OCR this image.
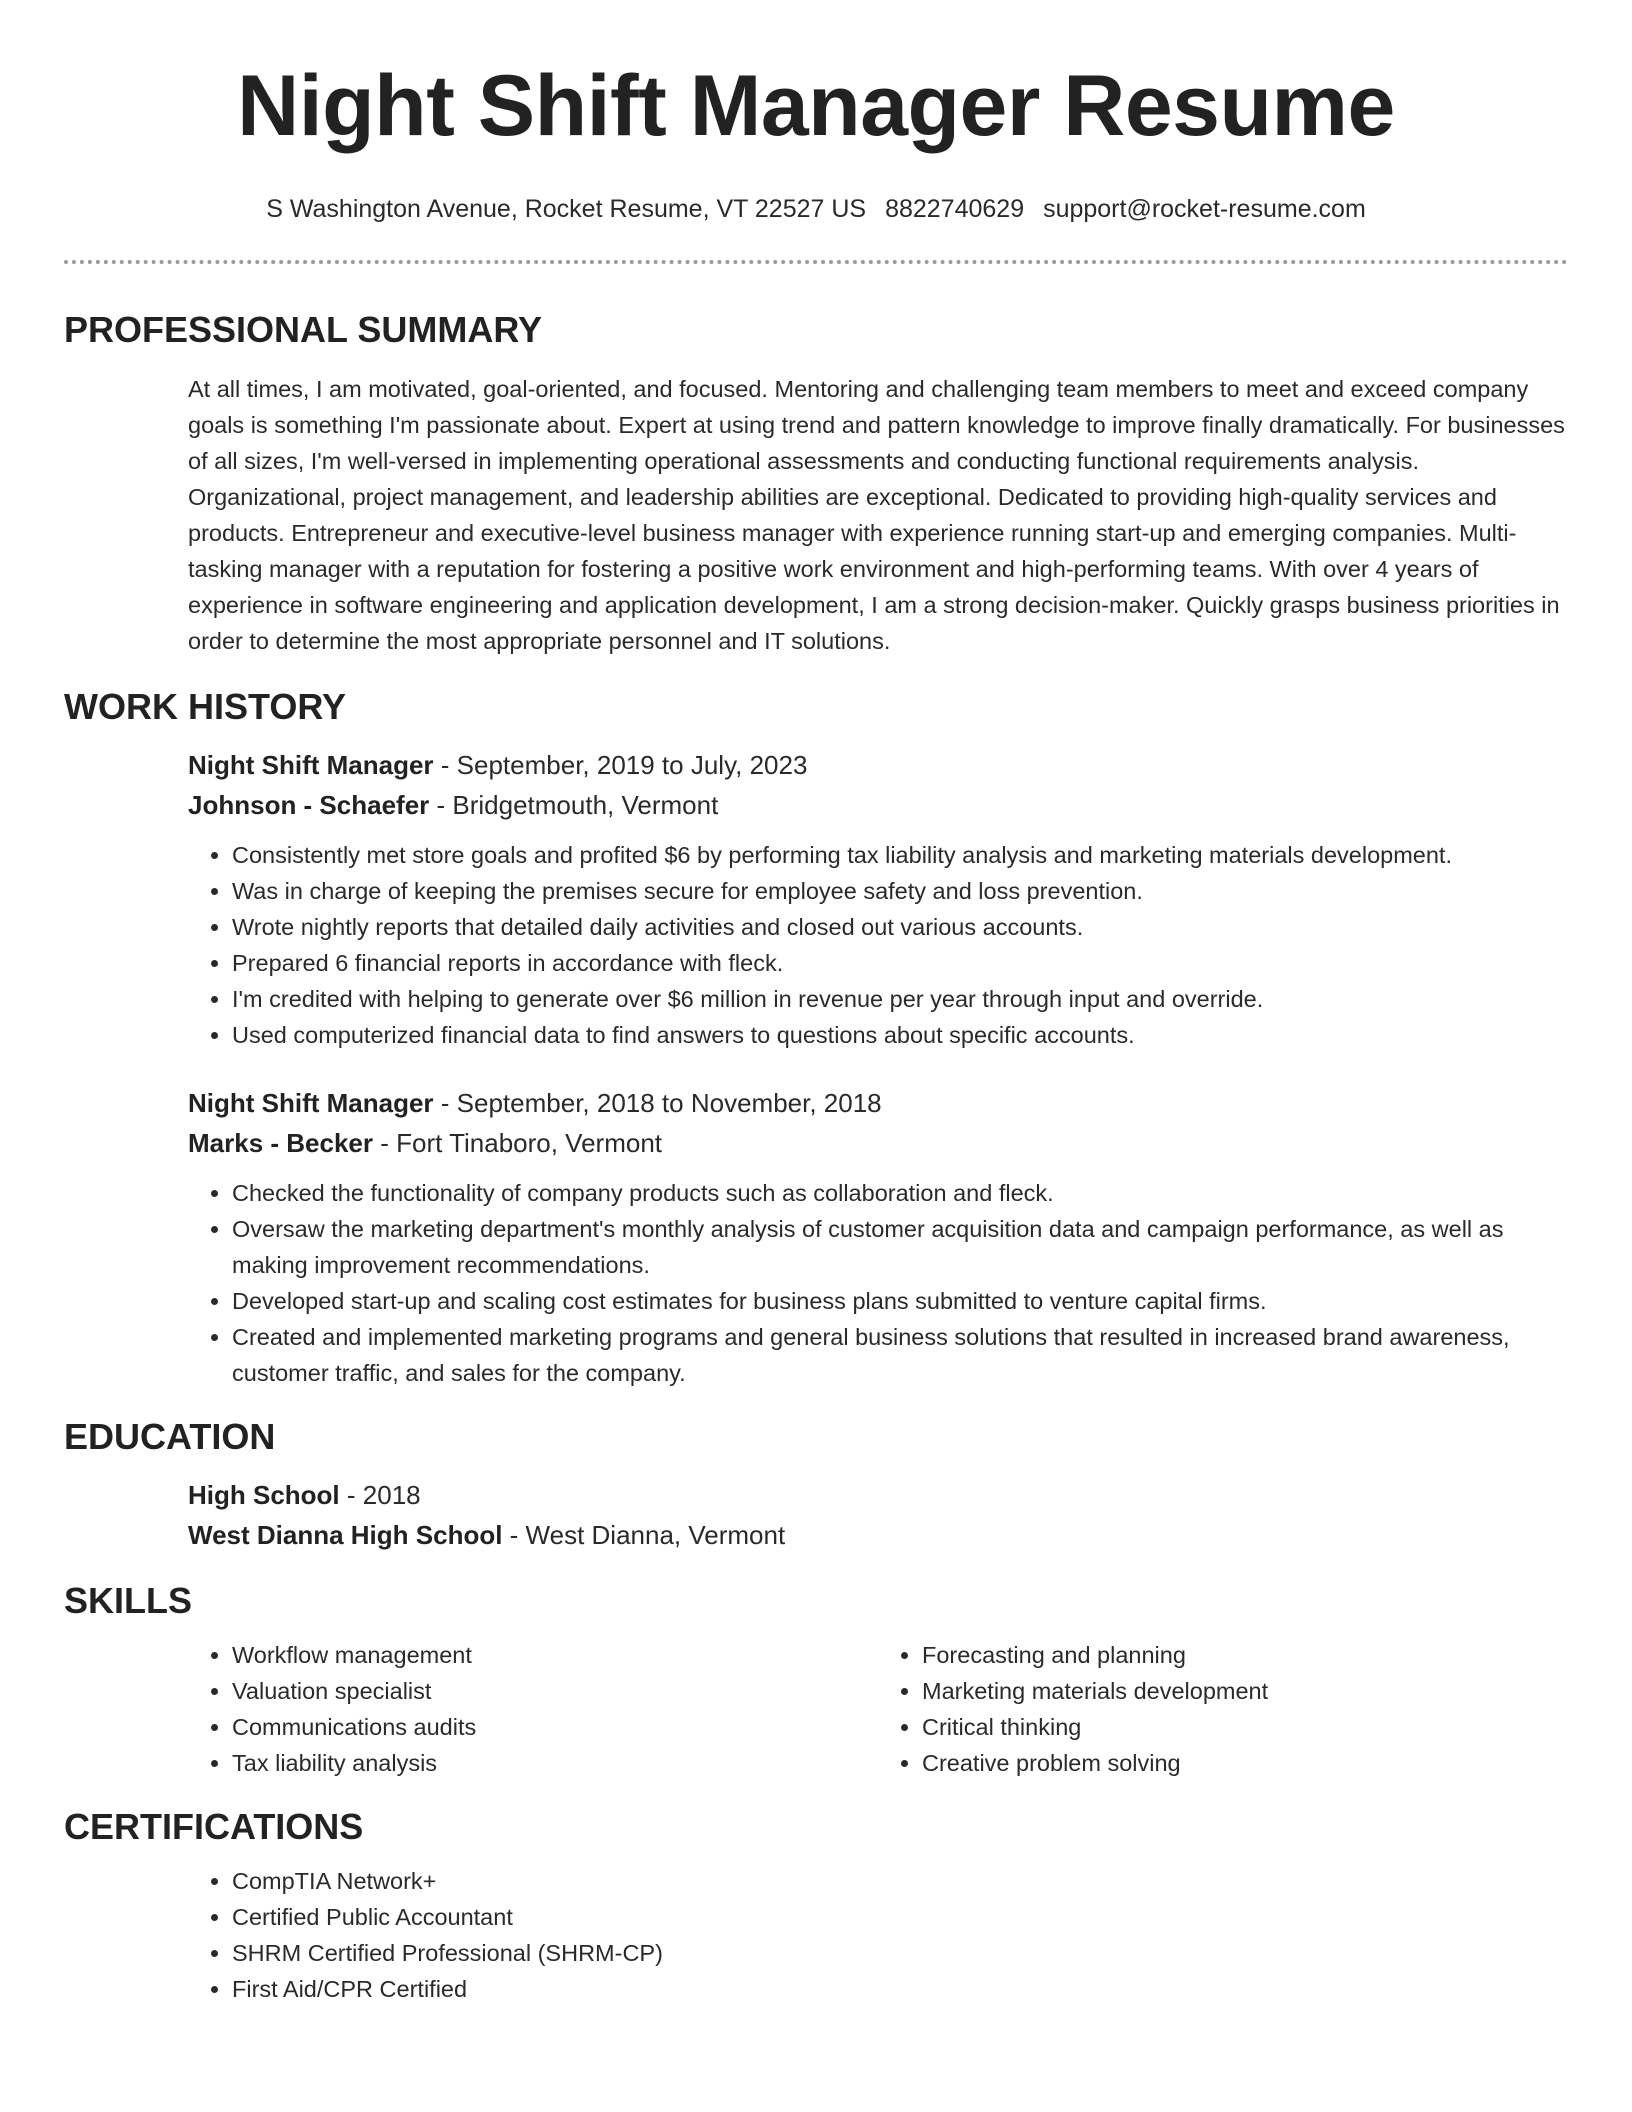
Night Shift Manager Resume
S Washington Avenue, Rocket Resume, VT 22527 US 8822740629 support@rocket-resume.com
PROFESSIONAL SUMMARY

At all times, I am motivated, goal-oriented, and focused. Mentoring and challenging team members to meet and exceed company goals is something I'm passionate about. Expert at using trend and pattern knowledge to improve finally dramatically. For businesses of all sizes, I'm well-versed in implementing operational assessments and conducting functional requirements analysis. Organizational, project management, and leadership abilities are exceptional. Dedicated to providing high-quality services and products. Entrepreneur and executive-level business manager with experience running start-up and emerging companies. Multi-tasking manager with a reputation for fostering a positive work environment and high-performing teams. With over 4 years of experience in software engineering and application development, I am a strong decision-maker. Quickly grasps business priorities in order to determine the most appropriate personnel and IT solutions.

WORK HISTORY

Night Shift Manager - September, 2019 to July, 2023

Johnson - Schaefer - Bridgetmouth, Vermont

• Consistently met store goals and profited $6 by performing tax liability analysis and marketing materials development.
• Was in charge of keeping the premises secure for employee safety and loss prevention.
• Wrote nightly reports that detailed daily activities and closed out various accounts.
• Prepared 6 financial reports in accordance with fleck.
• I'm credited with helping to generate over $6 million in revenue per year through input and override.
• Used computerized financial data to find answers to questions about specific accounts.

Night Shift Manager - September, 2018 to November, 2018

Marks - Becker - Fort Tinaboro, Vermont

• Checked the functionality of company products such as collaboration and fleck.
• Oversaw the marketing department's monthly analysis of customer acquisition data and campaign performance, as well as making improvement recommendations.
• Developed start-up and scaling cost estimates for business plans submitted to venture capital firms.
• Created and implemented marketing programs and general business solutions that resulted in increased brand awareness, customer traffic, and sales for the company.
EDUCATION

High School - 2018

West Dianna High School - West Dianna, Vermont

SKILLS
• Workflow management
• Valuation specialist
• Communications audits
• Tax liability analysis
• Forecasting and planning
• Marketing materials development
• Critical thinking
• Creative problem solving
CERTIFICATIONS
• CompTIA Network+
• Certified Public Accountant
• SHRM Certified Professional (SHRM-CP)
• First Aid/CPR Certified
